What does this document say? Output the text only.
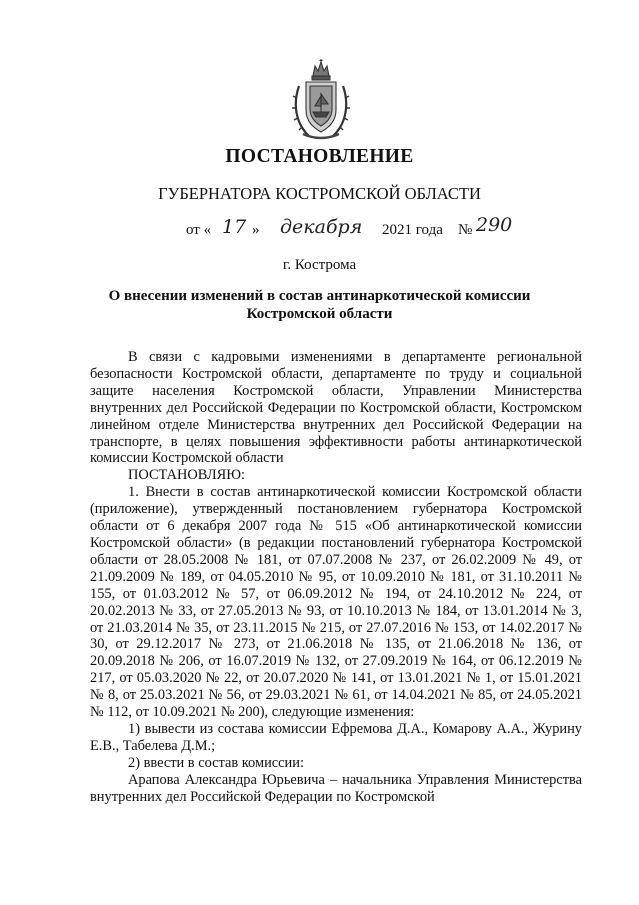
ПОСТАНОВЛЕНИЕ
ГУБЕРНАТОРА КОСТРОМСКОЙ ОБЛАСТИ
от « 17 » декабря 2021 года № 290
г. Кострома
О внесении изменений в состав антинаркотической комиссии
Костромской области

В связи с кадровыми изменениями в департаменте региональной безопасности Костромской области, департаменте по труду и социальной защите населения Костромской области, Управлении Министерства внутренних дел Российской Федерации по Костромской области, Костромском линейном отделе Министерства внутренних дел Российской Федерации на транспорте, в целях повышения эффективности работы антинаркотической комиссии Костромской области

ПОСТАНОВЛЯЮ:

1. Внести в состав антинаркотической комиссии Костромской области (приложение), утвержденный постановлением губернатора Костромской области от 6 декабря 2007 года № 515 «Об антинаркотической комиссии Костромской области» (в редакции постановлений губернатора Костромской области от 28.05.2008 № 181, от 07.07.2008 № 237, от 26.02.2009 № 49, от 21.09.2009 № 189, от 04.05.2010 № 95, от 10.09.2010 № 181, от 31.10.2011 № 155, от 01.03.2012 № 57, от 06.09.2012 № 194, от 24.10.2012 № 224, от 20.02.2013 № 33, от 27.05.2013 № 93, от 10.10.2013 № 184, от 13.01.2014 № 3, от 21.03.2014 № 35, от 23.11.2015 № 215, от 27.07.2016 № 153, от 14.02.2017 № 30, от 29.12.2017 № 273, от 21.06.2018 № 135, от 21.06.2018 № 136, от 20.09.2018 № 206, от 16.07.2019 № 132, от 27.09.2019 № 164, от 06.12.2019 № 217, от 05.03.2020 № 22, от 20.07.2020 № 141, от 13.01.2021 № 1, от 15.01.2021 № 8, от 25.03.2021 № 56, от 29.03.2021 № 61, от 14.04.2021 № 85, от 24.05.2021 № 112, от 10.09.2021 № 200), следующие изменения:

1) вывести из состава комиссии Ефремова Д.А., Комарову А.А., Журину Е.В., Табелева Д.М.;

2) ввести в состав комиссии:

Арапова Александра Юрьевича – начальника Управления Министерства внутренних дел Российской Федерации по Костромской
